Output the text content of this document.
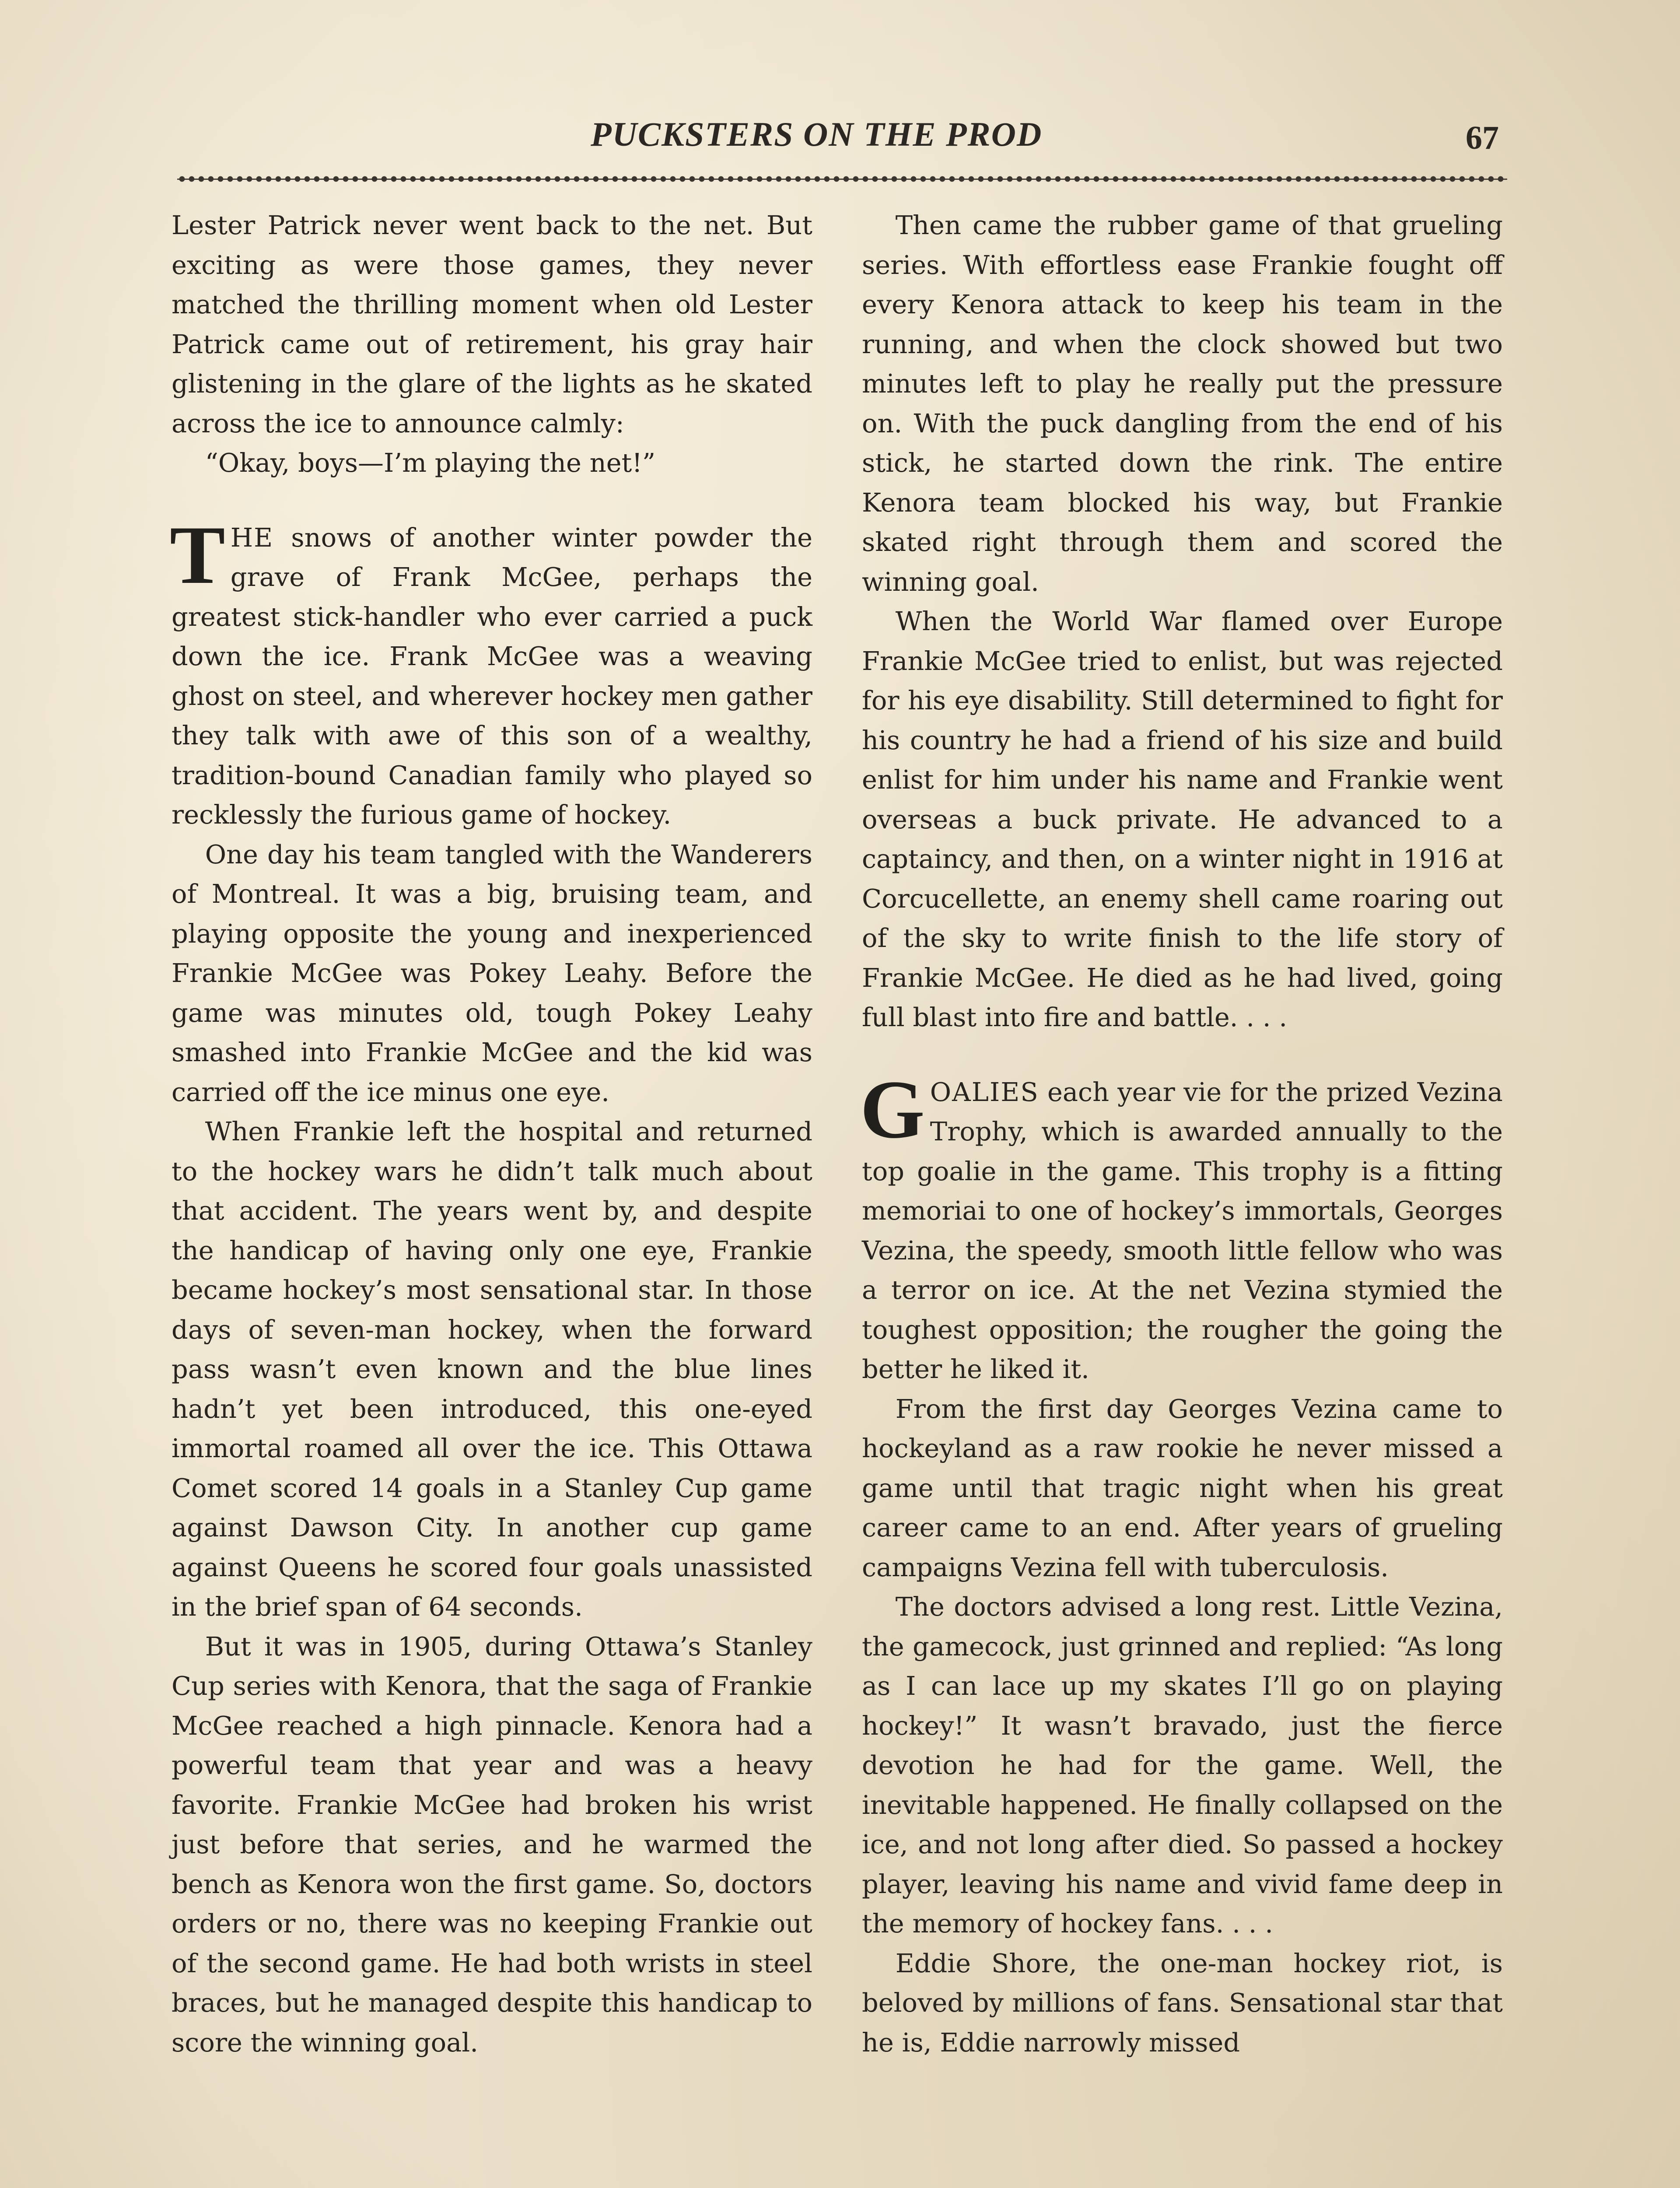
PUCKSTERS ON THE PROD	67

Lester Patrick never went back to the net. But exciting as were those games, they never matched the thrilling moment when old Lester Patrick came out of retirement, his gray hair glistening in the glare of the lights as he skated across the ice to announce calmly:

“Okay, boys—I’m playing the net!”

THE snows of another winter powder the grave of Frank McGee, perhaps the greatest stick-handler who ever carried a puck down the ice. Frank McGee was a weaving ghost on steel, and wherever hockey men gather they talk with awe of this son of a wealthy, tradition-bound Canadian family who played so recklessly the furious game of hockey.

One day his team tangled with the Wanderers of Montreal. It was a big, bruising team, and playing opposite the young and inexperienced Frankie McGee was Pokey Leahy. Before the game was minutes old, tough Pokey Leahy smashed into Frankie McGee and the kid was carried off the ice minus one eye.

When Frankie left the hospital and returned to the hockey wars he didn’t talk much about that accident. The years went by, and despite the handicap of having only one eye, Frankie became hockey’s most sensational star. In those days of seven-man hockey, when the forward pass wasn’t even known and the blue lines hadn’t yet been introduced, this one-eyed immortal roamed all over the ice. This Ottawa Comet scored 14 goals in a Stanley Cup game against Dawson City. In another cup game against Queens he scored four goals unassisted in the brief span of 64 seconds.

But it was in 1905, during Ottawa’s Stanley Cup series with Kenora, that the saga of Frankie McGee reached a high pinnacle. Kenora had a powerful team that year and was a heavy favorite. Frankie McGee had broken his wrist just before that series, and he warmed the bench as Kenora won the first game. So, doctors orders or no, there was no keeping Frankie out of the second game. He had both wrists in steel braces, but he managed despite this handicap to score the winning goal.

Then came the rubber game of that grueling series. With effortless ease Frankie fought off every Kenora attack to keep his team in the running, and when the clock showed but two minutes left to play he really put the pressure on. With the puck dangling from the end of his stick, he started down the rink. The entire Kenora team blocked his way, but Frankie skated right through them and scored the winning goal.

When the World War flamed over Europe Frankie McGee tried to enlist, but was rejected for his eye disability. Still determined to fight for his country he had a friend of his size and build enlist for him under his name and Frankie went overseas a buck private. He advanced to a captaincy, and then, on a winter night in 1916 at Corcucellette, an enemy shell came roaring out of the sky to write finish to the life story of Frankie McGee. He died as he had lived, going full blast into fire and battle. . . .

GOALIES each year vie for the prized Vezina Trophy, which is awarded annually to the top goalie in the game. This trophy is a fitting memoriai to one of hockey’s immortals, Georges Vezina, the speedy, smooth little fellow who was a terror on ice. At the net Vezina stymied the toughest opposition; the rougher the going the better he liked it.

From the first day Georges Vezina came to hockeyland as a raw rookie he never missed a game until that tragic night when his great career came to an end. After years of grueling campaigns Vezina fell with tuberculosis.

The doctors advised a long rest. Little Vezina, the gamecock, just grinned and replied: “As long as I can lace up my skates I’ll go on playing hockey!” It wasn’t bravado, just the fierce devotion he had for the game. Well, the inevitable happened. He finally collapsed on the ice, and not long after died. So passed a hockey player, leaving his name and vivid fame deep in the memory of hockey fans. . . .

Eddie Shore, the one-man hockey riot, is beloved by millions of fans. Sensational star that he is, Eddie narrowly missed
